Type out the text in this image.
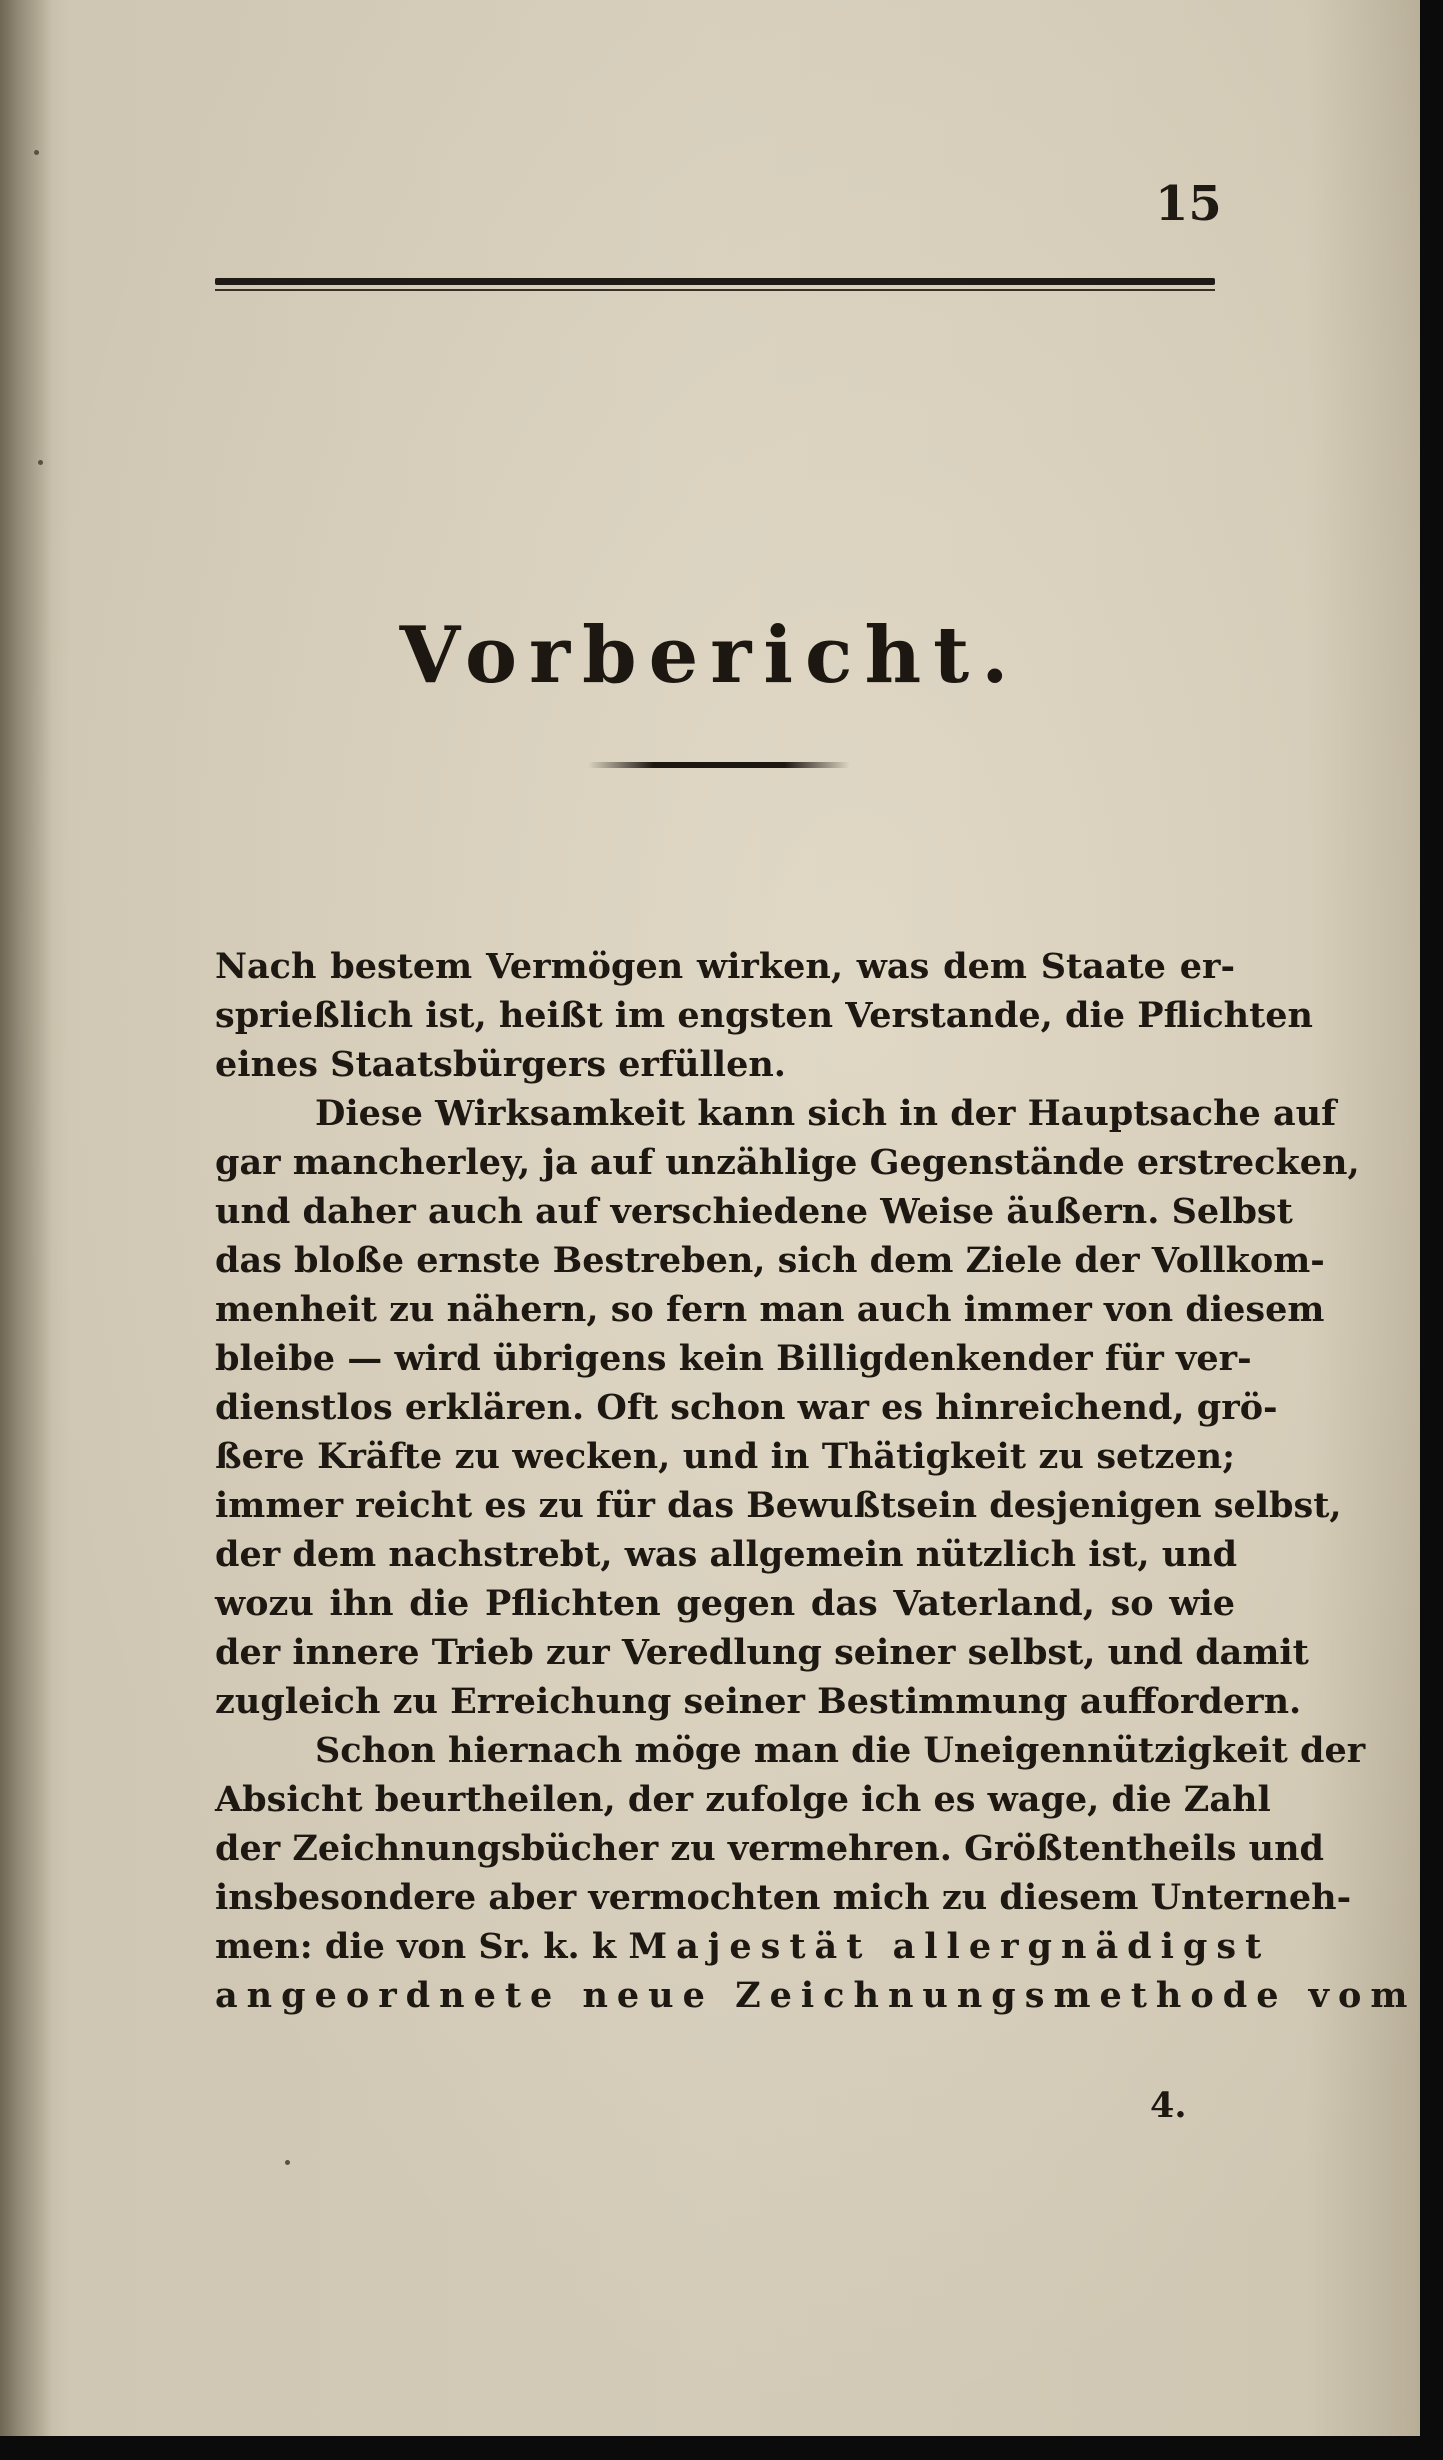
15
Vorbericht.
Nach bestem Vermögen wirken, was dem Staate er-
sprießlich ist, heißt im engsten Verstande, die Pflichten
eines Staatsbürgers erfüllen.
Diese Wirksamkeit kann sich in der Hauptsache auf
gar mancherley, ja auf unzählige Gegenstände erstrecken,
und daher auch auf verschiedene Weise äußern. Selbst
das bloße ernste Bestreben, sich dem Ziele der Vollkom-
menheit zu nähern, so fern man auch immer von diesem
bleibe — wird übrigens kein Billigdenkender für ver-
dienstlos erklären. Oft schon war es hinreichend, grö-
ßere Kräfte zu wecken, und in Thätigkeit zu setzen;
immer reicht es zu für das Bewußtsein desjenigen selbst,
der dem nachstrebt, was allgemein nützlich ist, und
wozu ihn die Pflichten gegen das Vaterland, so wie
der innere Trieb zur Veredlung seiner selbst, und damit
zugleich zu Erreichung seiner Bestimmung auffordern.
Schon hiernach möge man die Uneigennützigkeit der
Absicht beurtheilen, der zufolge ich es wage, die Zahl
der Zeichnungsbücher zu vermehren. Größtentheils und
insbesondere aber vermochten mich zu diesem Unterneh-
men: die von Sr. k. k Majestät allergnädigst
angeordnete neue Zeichnungsmethode vom
4.
